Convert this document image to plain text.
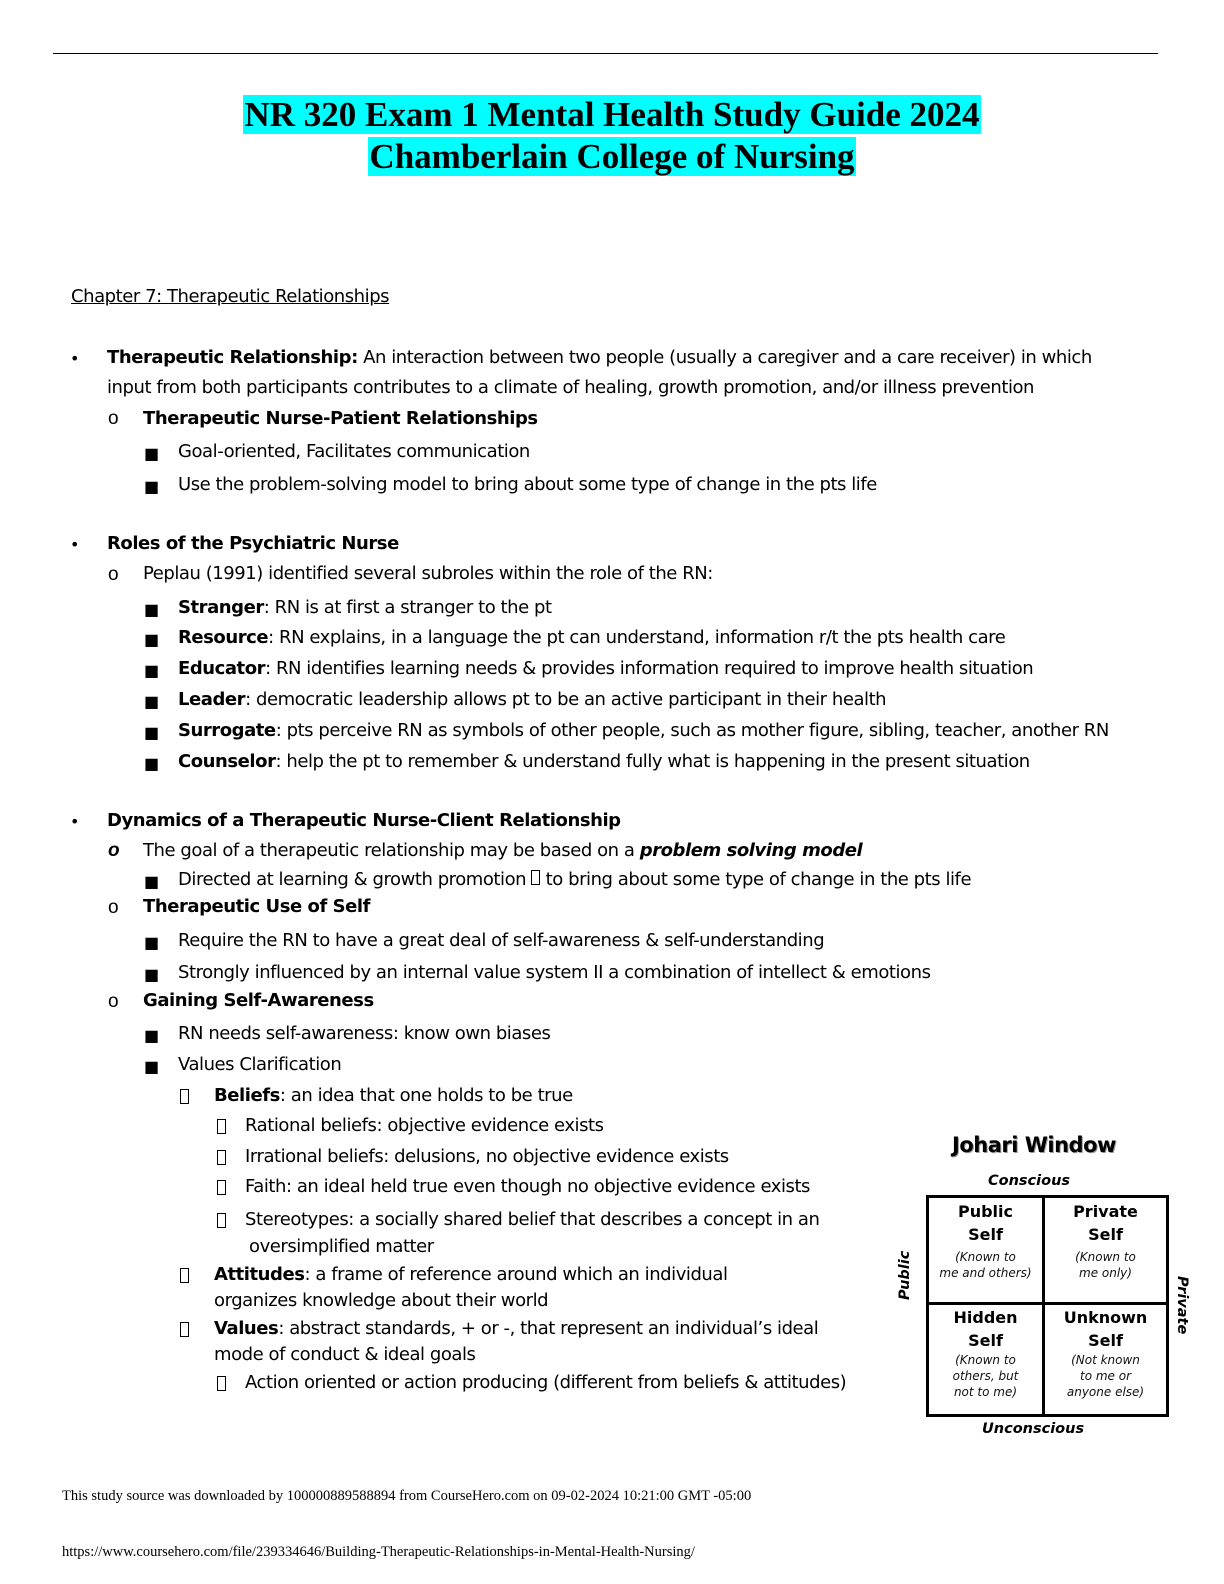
NR 320 Exam 1 Mental Health Study Guide 2024
Chamberlain College of Nursing
Chapter 7: Therapeutic Relationships
• Therapeutic Relationship: An interaction between two people (usually a caregiver and a care receiver) in which
input from both participants contributes to a climate of healing, growth promotion, and/or illness prevention
o Therapeutic Nurse-Patient Relationships
■ Goal-oriented, Facilitates communication
■ Use the problem-solving model to bring about some type of change in the pts life
• Roles of the Psychiatric Nurse
o Peplau (1991) identified several subroles within the role of the RN:
■ Stranger: RN is at first a stranger to the pt
■ Resource: RN explains, in a language the pt can understand, information r/t the pts health care
■ Educator: RN identifies learning needs & provides information required to improve health situation
■ Leader: democratic leadership allows pt to be an active participant in their health
■ Surrogate: pts perceive RN as symbols of other people, such as mother figure, sibling, teacher, another RN
■ Counselor: help the pt to remember & understand fully what is happening in the present situation
• Dynamics of a Therapeutic Nurse-Client Relationship
o The goal of a therapeutic relationship may be based on a problem solving model
■ Directed at learning & growth promotion  to bring about some type of change in the pts life
o Therapeutic Use of Self
■ Require the RN to have a great deal of self-awareness & self-understanding
■ Strongly influenced by an internal value system II a combination of intellect & emotions
o Gaining Self-Awareness
■ RN needs self-awareness: know own biases
■ Values Clarification
Beliefs: an idea that one holds to be true
Rational beliefs: objective evidence exists
Irrational beliefs: delusions, no objective evidence exists
Faith: an ideal held true even though no objective evidence exists
Stereotypes: a socially shared belief that describes a concept in an
oversimplified matter
Attitudes: a frame of reference around which an individual
organizes knowledge about their world
Values: abstract standards, + or -, that represent an individual’s ideal
mode of conduct & ideal goals
Action oriented or action producing (different from beliefs & attitudes)
Johari Window
Conscious
Unconscious
Public
Private
Public
Self
(Known to
me and others)
Private
Self
(Known to
me only)
Hidden
Self
(Known to
others, but
not to me)
Unknown
Self
(Not known
to me or
anyone else)
This study source was downloaded by 100000889588894 from CourseHero.com on 09-02-2024 10:21:00 GMT -05:00
https://www.coursehero.com/file/239334646/Building-Therapeutic-Relationships-in-Mental-Health-Nursing/
